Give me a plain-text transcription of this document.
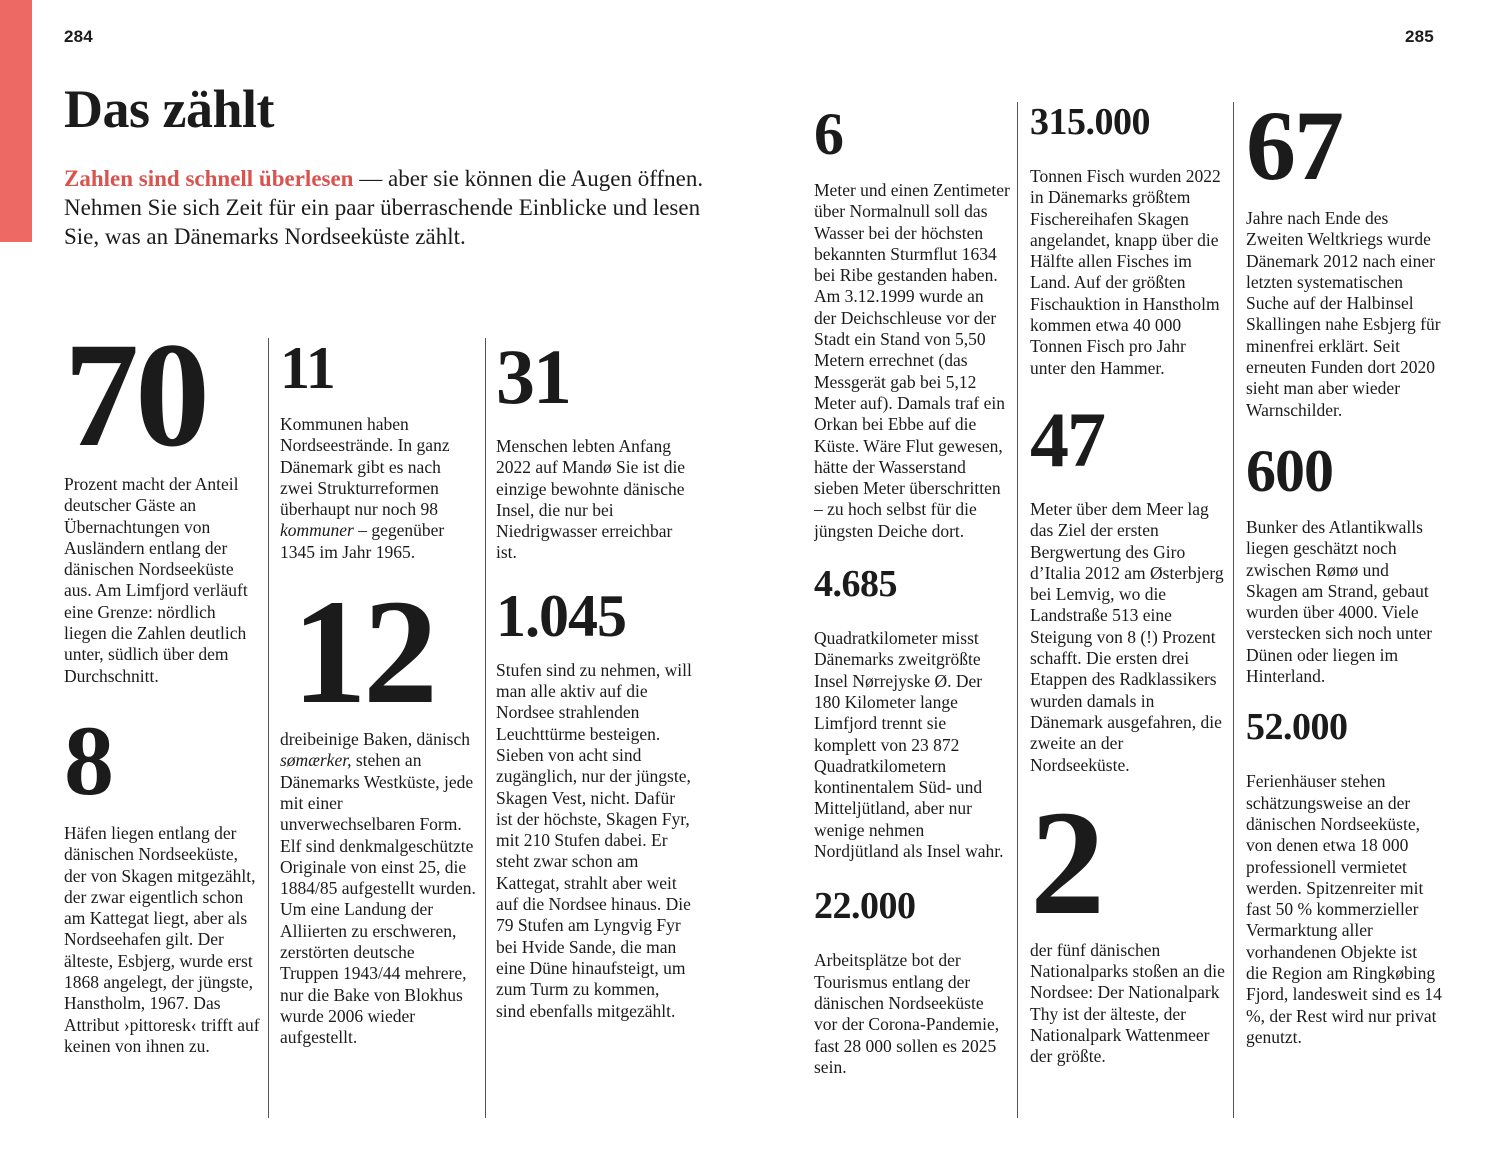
284	285
Das zählt

Zahlen sind schnell überlesen — aber sie können die Augen öffnen. Nehmen Sie sich Zeit für ein paar überraschende Einblicke und lesen Sie, was an Dänemarks Nordseeküste zählt.

70

Prozent macht der Anteil deutscher Gäste an Übernachtungen von Ausländern entlang der dänischen Nordseeküste aus. Am Limfjord verläuft eine Grenze: nördlich liegen die Zahlen deutlich unter, südlich über dem Durchschnitt.

8

Häfen liegen entlang der dänischen Nordseeküste, der von Skagen mitgezählt, der zwar eigentlich schon am Kattegat liegt, aber als Nordseehafen gilt. Der älteste, Esbjerg, wurde erst 1868 angelegt, der jüngste, Hanstholm, 1967. Das Attribut ›pittoresk‹ trifft auf keinen von ihnen zu.

11

Kommunen haben Nordseestrände. In ganz Dänemark gibt es nach zwei Strukturreformen überhaupt nur noch 98 kommuner – gegenüber 1345 im Jahr 1965.

12

dreibeinige Baken, dänisch sømærker, stehen an Dänemarks Westküste, jede mit einer unverwechselbaren Form. Elf sind denkmalgeschützte Originale von einst 25, die 1884/85 aufgestellt wurden. Um eine Landung der Alliierten zu erschweren, zerstörten deutsche Truppen 1943/44 mehrere, nur die Bake von Blokhus wurde 2006 wieder aufgestellt.

31

Menschen lebten Anfang 2022 auf Mandø Sie ist die einzige bewohnte dänische Insel, die nur bei Niedrigwasser erreichbar ist.

1.045

Stufen sind zu nehmen, will man alle aktiv auf die Nordsee strahlenden Leuchttürme besteigen. Sieben von acht sind zugänglich, nur der jüngste, Skagen Vest, nicht. Dafür ist der höchste, Skagen Fyr, mit 210 Stufen dabei. Er steht zwar schon am Kattegat, strahlt aber weit auf die Nordsee hinaus. Die 79 Stufen am Lyngvig Fyr bei Hvide Sande, die man eine Düne hinaufsteigt, um zum Turm zu kommen, sind ebenfalls mitgezählt.

6

Meter und einen Zentimeter über Normalnull soll das Wasser bei der höchsten bekannten Sturmflut 1634 bei Ribe gestanden haben. Am 3.12.1999 wurde an der Deichschleuse vor der Stadt ein Stand von 5,50 Metern errechnet (das Messgerät gab bei 5,12 Meter auf). Damals traf ein Orkan bei Ebbe auf die Küste. Wäre Flut gewesen, hätte der Wasserstand sieben Meter überschritten – zu hoch selbst für die jüngsten Deiche dort.

4.685

Quadratkilometer misst Dänemarks zweitgrößte Insel Nørrejyske Ø. Der 180 Kilometer lange Limfjord trennt sie komplett von 23 872 Quadratkilometern kontinentalem Süd- und Mitteljütland, aber nur wenige nehmen Nordjütland als Insel wahr.

22.000

Arbeitsplätze bot der Tourismus entlang der dänischen Nordseeküste vor der Corona-Pandemie, fast 28 000 sollen es 2025 sein.

315.000

Tonnen Fisch wurden 2022 in Dänemarks größtem Fischereihafen Skagen angelandet, knapp über die Hälfte allen Fisches im Land. Auf der größten Fischauktion in Hanstholm kommen etwa 40 000 Tonnen Fisch pro Jahr unter den Hammer.

47

Meter über dem Meer lag das Ziel der ersten Bergwertung des Giro d’Italia 2012 am Østerbjerg bei Lemvig, wo die Landstraße 513 eine Steigung von 8 (!) Prozent schafft. Die ersten drei Etappen des Radklassikers wurden damals in Dänemark ausgefahren, die zweite an der Nordseeküste.

2

der fünf dänischen Nationalparks stoßen an die Nordsee: Der Nationalpark Thy ist der älteste, der Nationalpark Wattenmeer der größte.

67

Jahre nach Ende des Zweiten Weltkriegs wurde Dänemark 2012 nach einer letzten systematischen Suche auf der Halbinsel Skallingen nahe Esbjerg für minenfrei erklärt. Seit erneuten Funden dort 2020 sieht man aber wieder Warnschilder.

600

Bunker des Atlantikwalls liegen geschätzt noch zwischen Rømø und Skagen am Strand, gebaut wurden über 4000. Viele verstecken sich noch unter Dünen oder liegen im Hinterland.

52.000

Ferienhäuser stehen schätzungsweise an der dänischen Nordseeküste, von denen etwa 18 000 professionell vermietet werden. Spitzenreiter mit fast 50 % kommerzieller Vermarktung aller vorhandenen Objekte ist die Region am Ringkøbing Fjord, landesweit sind es 14 %, der Rest wird nur privat genutzt.
